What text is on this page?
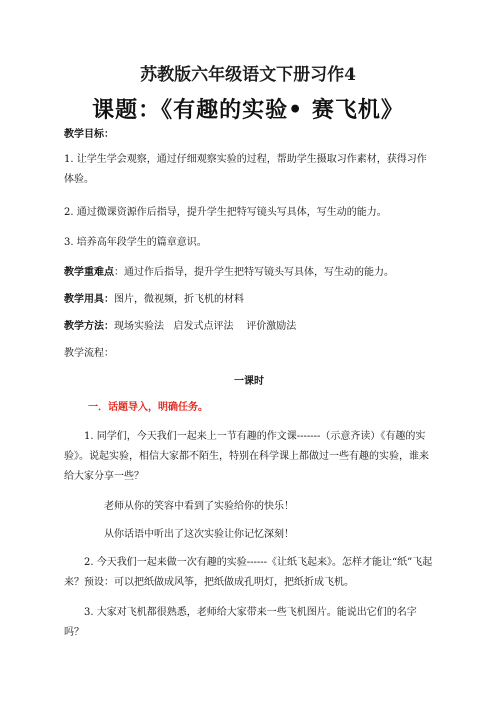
苏教版六年级语文下册习作4
课题：《有趣的实验• 赛飞机》
教学目标：
1. 让学生学会观察，通过仔细观察实验的过程，帮助学生摄取习作素材，获得习作体验。
2. 通过微课资源作后指导，提升学生把特写镜头写具体，写生动的能力。
3. 培养高年段学生的篇章意识。
教学重难点：通过作后指导，提升学生把特写镜头写具体，写生动的能力。
教学用具：图片，微视频，折飞机的材料
教学方法：现场实验法   启发式点评法    评价激励法
教学流程：
一课时
一．话题导入，明确任务。
1. 同学们，今天我们一起来上一节有趣的作文课-------（示意齐读）《有趣的实验》。说起实验，相信大家都不陌生，特别在科学课上都做过一些有趣的实验，谁来给大家分享一些？
老师从你的笑容中看到了实验给你的快乐！
从你话语中听出了这次实验让你记忆深刻！
2. 今天我们一起来做一次有趣的实验------《让纸飞起来》。怎样才能让“纸”飞起来？预设：可以把纸做成风筝，把纸做成孔明灯，把纸折成飞机。
3. 大家对飞机都很熟悉，老师给大家带来一些飞机图片。能说出它们的名字吗？
